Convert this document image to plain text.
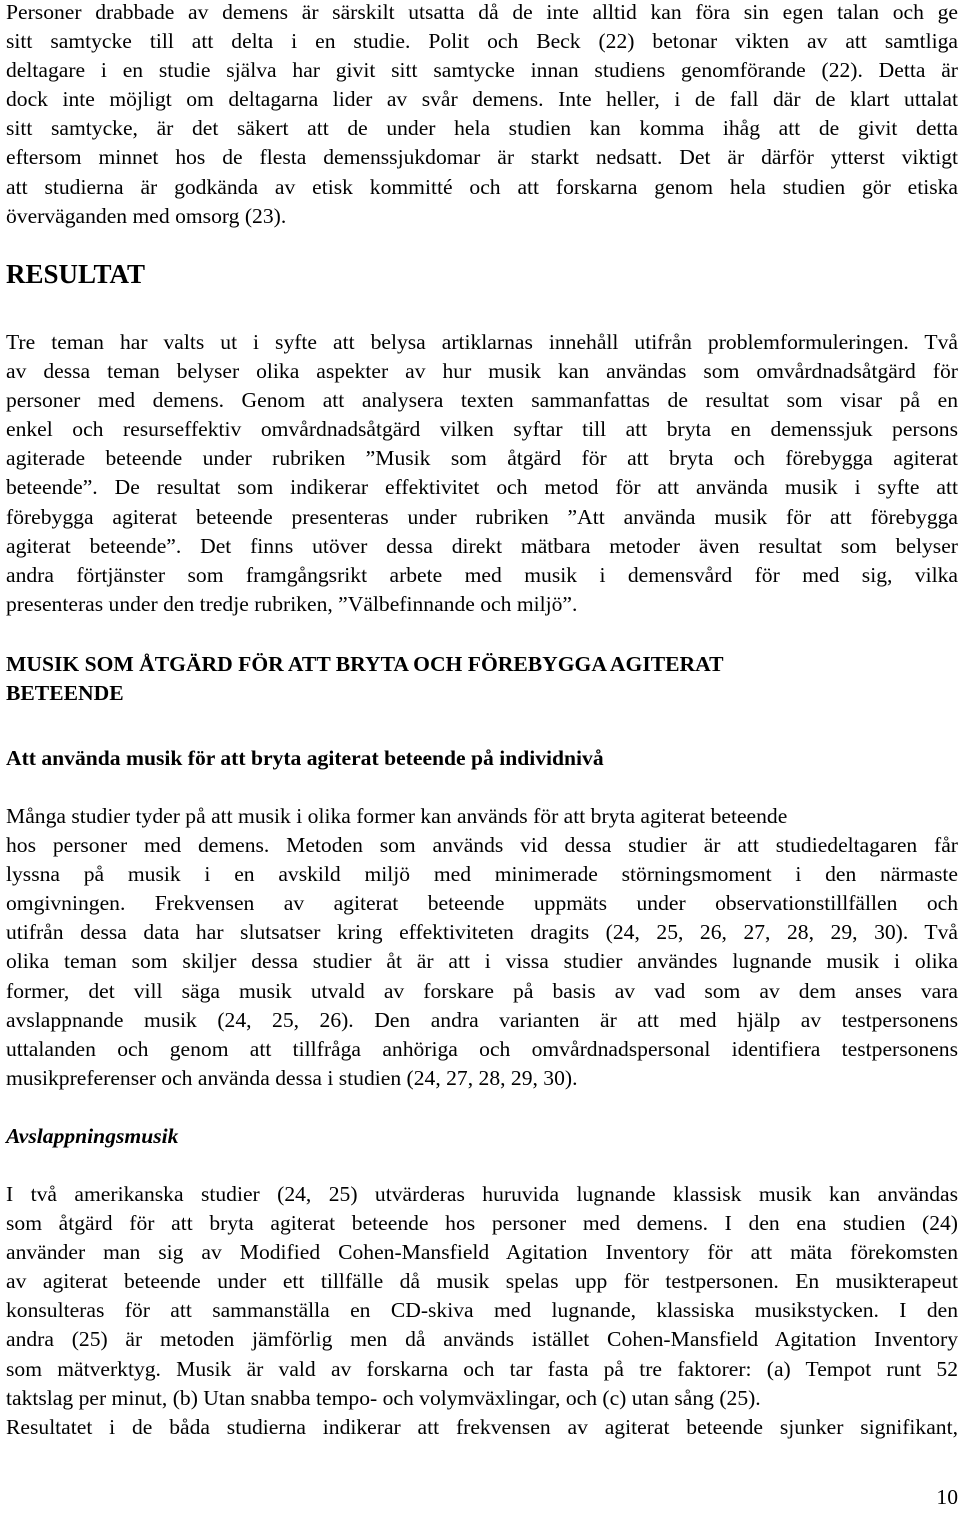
Personer drabbade av demens är särskilt utsatta då de inte alltid kan föra sin egen talan och ge
sitt samtycke till att delta i en studie. Polit och Beck (22) betonar vikten av att samtliga
deltagare i en studie själva har givit sitt samtycke innan studiens genomförande (22). Detta är
dock inte möjligt om deltagarna lider av svår demens. Inte heller, i de fall där de klart uttalat
sitt samtycke, är det säkert att de under hela studien kan komma ihåg att de givit detta
eftersom minnet hos de flesta demenssjukdomar är starkt nedsatt. Det är därför ytterst viktigt
att studierna är godkända av etisk kommitté och att forskarna genom hela studien gör etiska
överväganden med omsorg (23).

RESULTAT

Tre teman har valts ut i syfte att belysa artiklarnas innehåll utifrån problemformuleringen. Två
av dessa teman belyser olika aspekter av hur musik kan användas som omvårdnadsåtgärd för
personer med demens. Genom att analysera texten sammanfattas de resultat som visar på en
enkel och resurseffektiv omvårdnadsåtgärd vilken syftar till att bryta en demenssjuk persons
agiterade beteende under rubriken ”Musik som åtgärd för att bryta och förebygga agiterat
beteende”. De resultat som indikerar effektivitet och metod för att använda musik i syfte att
förebygga agiterat beteende presenteras under rubriken ”Att använda musik för att förebygga
agiterat beteende”. Det finns utöver dessa direkt mätbara metoder även resultat som belyser
andra förtjänster som framgångsrikt arbete med musik i demensvård för med sig, vilka
presenteras under den tredje rubriken, ”Välbefinnande och miljö”.

MUSIK SOM ÅTGÄRD FÖR ATT BRYTA OCH FÖREBYGGA AGITERAT
BETEENDE
Att använda musik för att bryta agiterat beteende på individnivå

Många studier tyder på att musik i olika former kan används för att bryta agiterat beteende
hos personer med demens. Metoden som används vid dessa studier är att studiedeltagaren får
lyssna på musik i en avskild miljö med minimerade störningsmoment i den närmaste
omgivningen. Frekvensen av agiterat beteende uppmäts under observationstillfällen och
utifrån dessa data har slutsatser kring effektiviteten dragits (24, 25, 26, 27, 28, 29, 30). Två
olika teman som skiljer dessa studier åt är att i vissa studier användes lugnande musik i olika
former, det vill säga musik utvald av forskare på basis av vad som av dem anses vara
avslappnande musik (24, 25, 26). Den andra varianten är att med hjälp av testpersonens
uttalanden och genom att tillfråga anhöriga och omvårdnadspersonal identifiera testpersonens
musikpreferenser och använda dessa i studien (24, 27, 28, 29, 30).

Avslappningsmusik

I två amerikanska studier (24, 25) utvärderas huruvida lugnande klassisk musik kan användas
som åtgärd för att bryta agiterat beteende hos personer med demens. I den ena studien (24)
använder man sig av Modified Cohen-Mansfield Agitation Inventory för att mäta förekomsten
av agiterat beteende under ett tillfälle då musik spelas upp för testpersonen. En musikterapeut
konsulteras för att sammanställa en CD-skiva med lugnande, klassiska musikstycken. I den
andra (25) är metoden jämförlig men då används istället Cohen-Mansfield Agitation Inventory
som mätverktyg. Musik är vald av forskarna och tar fasta på tre faktorer: (a) Tempot runt 52
taktslag per minut, (b) Utan snabba tempo- och volymväxlingar, och (c) utan sång (25).
Resultatet i de båda studierna indikerar att frekvensen av agiterat beteende sjunker signifikant,

10
